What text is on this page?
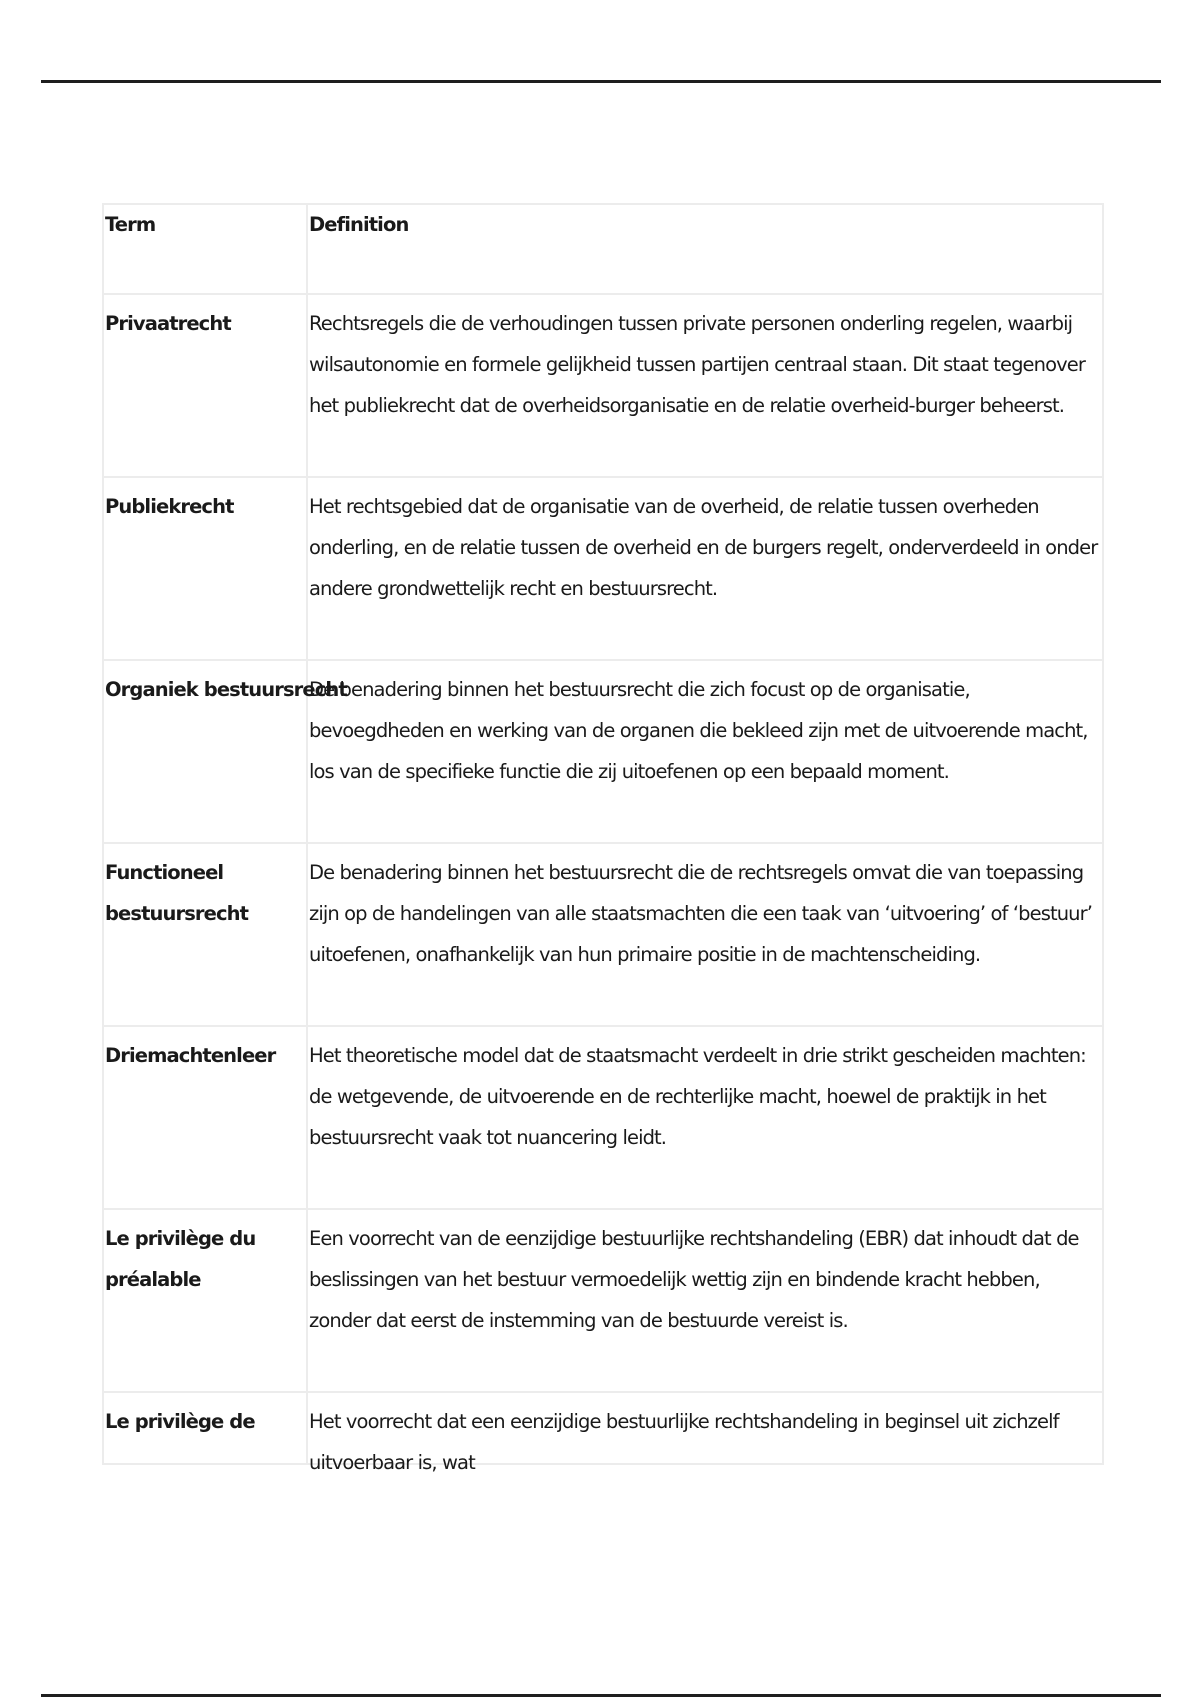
Term	Definition

Privaatrecht	Rechtsregels die de verhoudingen tussen private personen onderling regelen, waarbij wilsautonomie en formele gelijkheid tussen partijen centraal staan. Dit staat tegenover het publiekrecht dat de overheidsorganisatie en de relatie overheid-burger beheerst.

Publiekrecht	Het rechtsgebied dat de organisatie van de overheid, de relatie tussen overheden onderling, en de relatie tussen de overheid en de burgers regelt, onderverdeeld in onder andere grondwettelijk recht en bestuursrecht.

Organiek bestuursrecht	De benadering binnen het bestuursrecht die zich focust op de organisatie, bevoegdheden en werking van de organen die bekleed zijn met de uitvoerende macht, los van de specifieke functie die zij uitoefenen op een bepaald moment.

Functioneel bestuursrecht	De benadering binnen het bestuursrecht die de rechtsregels omvat die van toepassing zijn op de handelingen van alle staatsmachten die een taak van ‘uitvoering’ of ‘bestuur’ uitoefenen, onafhankelijk van hun primaire positie in de machtenscheiding.

Driemachtenleer	Het theoretische model dat de staatsmacht verdeelt in drie strikt gescheiden machten: de wetgevende, de uitvoerende en de rechterlijke macht, hoewel de praktijk in het bestuursrecht vaak tot nuancering leidt.

Le privilège du préalable	Een voorrecht van de eenzijdige bestuurlijke rechtshandeling (EBR) dat inhoudt dat de beslissingen van het bestuur vermoedelijk wettig zijn en bindende kracht hebben, zonder dat eerst de instemming van de bestuurde vereist is.

Le privilège de	Het voorrecht dat een eenzijdige bestuurlijke rechtshandeling in beginsel uit zichzelf uitvoerbaar is, wat
